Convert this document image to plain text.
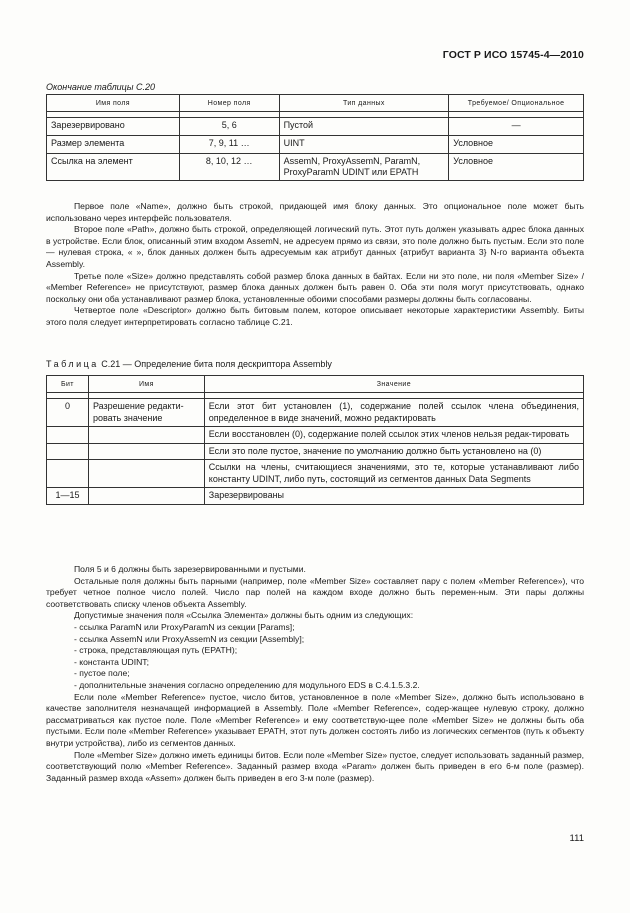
ГОСТ Р ИСО 15745-4—2010
Окончание таблицы С.20
Имя поля	Номер поля	Тип данных	Требуемое/ Опциональное

Зарезервировано	5, 6	Пустой	—
Размер элемента	7, 9, 11 …	UINT	Условное
Ссылка на элемент	8, 10, 12 …	AssemN, ProxyAssemN, ParamN, ProxyParamN UDINT или EPATH	Условное

Первое поле «Name», должно быть строкой, придающей имя блоку данных. Это опциональное поле может быть использовано через интерфейс пользователя.

Второе поле «Path», должно быть строкой, определяющей логический путь. Этот путь должен указывать адрес блока данных в устройстве. Если блок, описанный этим входом AssemN, не адресуем прямо из связи, это поле должно быть пустым. Если это поле — нулевая строка, « », блок данных должен быть адресуемым как атрибут данных {атрибут варианта 3} N-го варианта объекта Assembly.

Третье поле «Size» должно представлять собой размер блока данных в байтах. Если ни это поле, ни поля «Member Size» / «Member Reference» не присутствуют, размер блока данных должен быть равен 0. Оба эти поля могут присутствовать, однако поскольку они оба устанавливают размер блока, установленные обоими способами размеры должны быть согласованы.

Четвертое поле «Descriptor» должно быть битовым полем, которое описывает некоторые характеристики Assembly. Биты этого поля следует интерпретировать согласно таблице С.21.

Таблица С.21 — Определение бита поля дескриптора Assembly
Бит	Имя	Значение

0	Разрешение редакти-ровать значение	Если этот бит установлен (1), содержание полей ссылок члена объединения, определенное в виде значений, можно редактировать
		Если восстановлен (0), содержание полей ссылок этих членов нельзя редак-тировать
		Если это поле пустое, значение по умолчанию должно быть установлено на (0)
		Ссылки на члены, считающиеся значениями, это те, которые устанавливают либо константу UDINT, либо путь, состоящий из сегментов данных Data Segments
1—15		Зарезервированы

Поля 5 и 6 должны быть зарезервированными и пустыми.

Остальные поля должны быть парными (например, поле «Member Size» составляет пару с полем «Member Reference»), что требует четное полное число полей. Число пар полей на каждом входе должно быть перемен-ным. Эти пары должны соответствовать списку членов объекта Assembly.

Допустимые значения поля «Ссылка Элемента» должны быть одним из следующих:

- ссылка ParamN или ProxyParamN из секции [Params];

- ссылка AssemN или ProxyAssemN из секции [Assembly];

- строка, представляющая путь (EPATH);

- константа UDINT;

- пустое поле;

- дополнительные значения согласно определению для модульного EDS в С.4.1.5.3.2.

Если поле «Member Reference» пустое, число битов, установленное в поле «Member Size», должно быть использовано в качестве заполнителя незначащей информацией в Assembly. Поле «Member Reference», содер-жащее нулевую строку, должно рассматриваться как пустое поле. Поле «Member Reference» и ему соответствую-щее поле «Member Size» не должны быть оба пустыми. Если поле «Member Reference» указывает EPATH, этот путь должен состоять либо из логических сегментов (путь к объекту внутри устройства), либо из сегментов данных.

Поле «Member Size» должно иметь единицы битов. Если поле «Member Size» пустое, следует использовать заданный размер, соответствующий полю «Member Reference». Заданный размер входа «Param» должен быть приведен в его 6-м поле (размер). Заданный размер входа «Assem» должен быть приведен в его 3-м поле (размер).

111
